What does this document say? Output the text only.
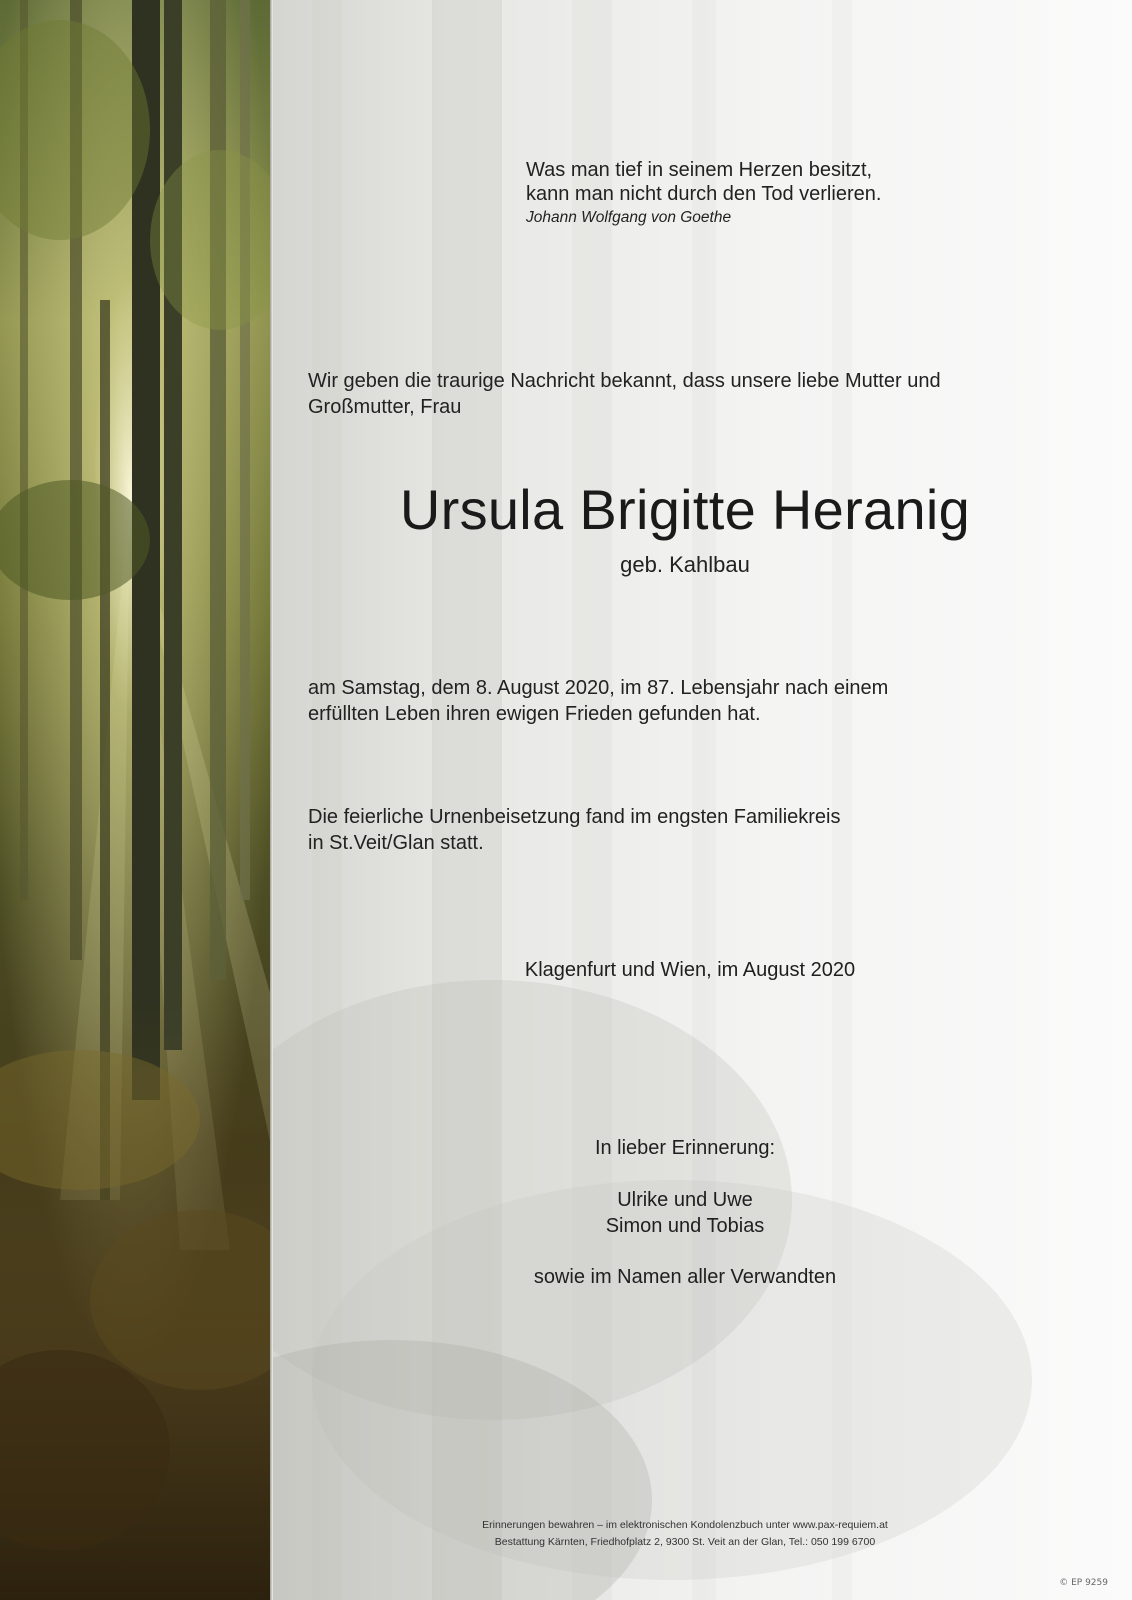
Was man tief in seinem Herzen besitzt,
kann man nicht durch den Tod verlieren.
Johann Wolfgang von Goethe
Wir geben die traurige Nachricht bekannt, dass unsere liebe Mutter und
Großmutter, Frau
Ursula Brigitte Heranig
geb. Kahlbau
am Samstag, dem 8. August 2020, im 87. Lebensjahr nach einem
erfüllten Leben ihren ewigen Frieden gefunden hat.
Die feierliche Urnenbeisetzung fand im engsten Familiekreis
in St.Veit/Glan statt.
Klagenfurt und Wien, im August 2020
In lieber Erinnerung:
Ulrike und Uwe
Simon und Tobias
sowie im Namen aller Verwandten
Erinnerungen bewahren – im elektronischen Kondolenzbuch unter www.pax-requiem.at
Bestattung Kärnten, Friedhofplatz 2, 9300 St. Veit an der Glan, Tel.: 050 199 6700
© EP 9259
